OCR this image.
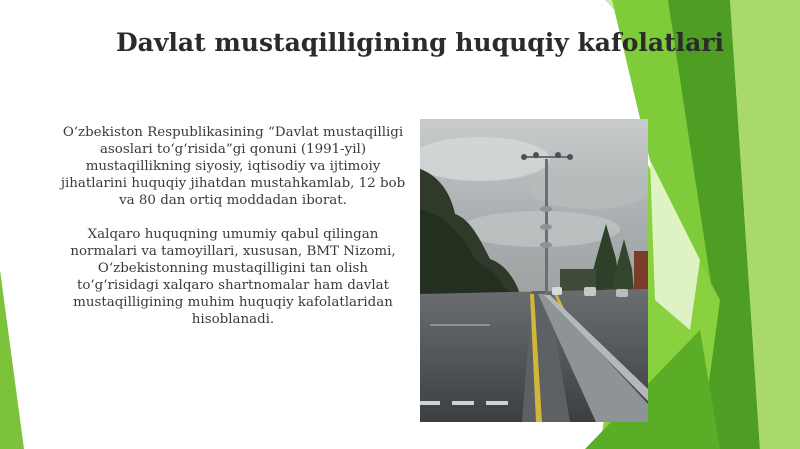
Davlat mustaqilligining huquqiy kafolatlari

O‘zbekiston Respublikasining “Davlat mustaqilligi asoslari to‘g‘risida”gi qonuni (1991-yil) mustaqillikning siyosiy, iqtisodiy va ijtimoiy jihatlarini huquqiy jihatdan mustahkamlab, 12 bob va 80 dan ortiq moddadan iborat.

Xalqaro huquqning umumiy qabul qilingan normalari va tamoyillari, xususan, BMT Nizomi, O‘zbekistonning mustaqilligini tan olish to‘g‘risidagi xalqaro shartnomalar ham davlat mustaqilligining muhim huquqiy kafolatlaridan hisoblanadi.
